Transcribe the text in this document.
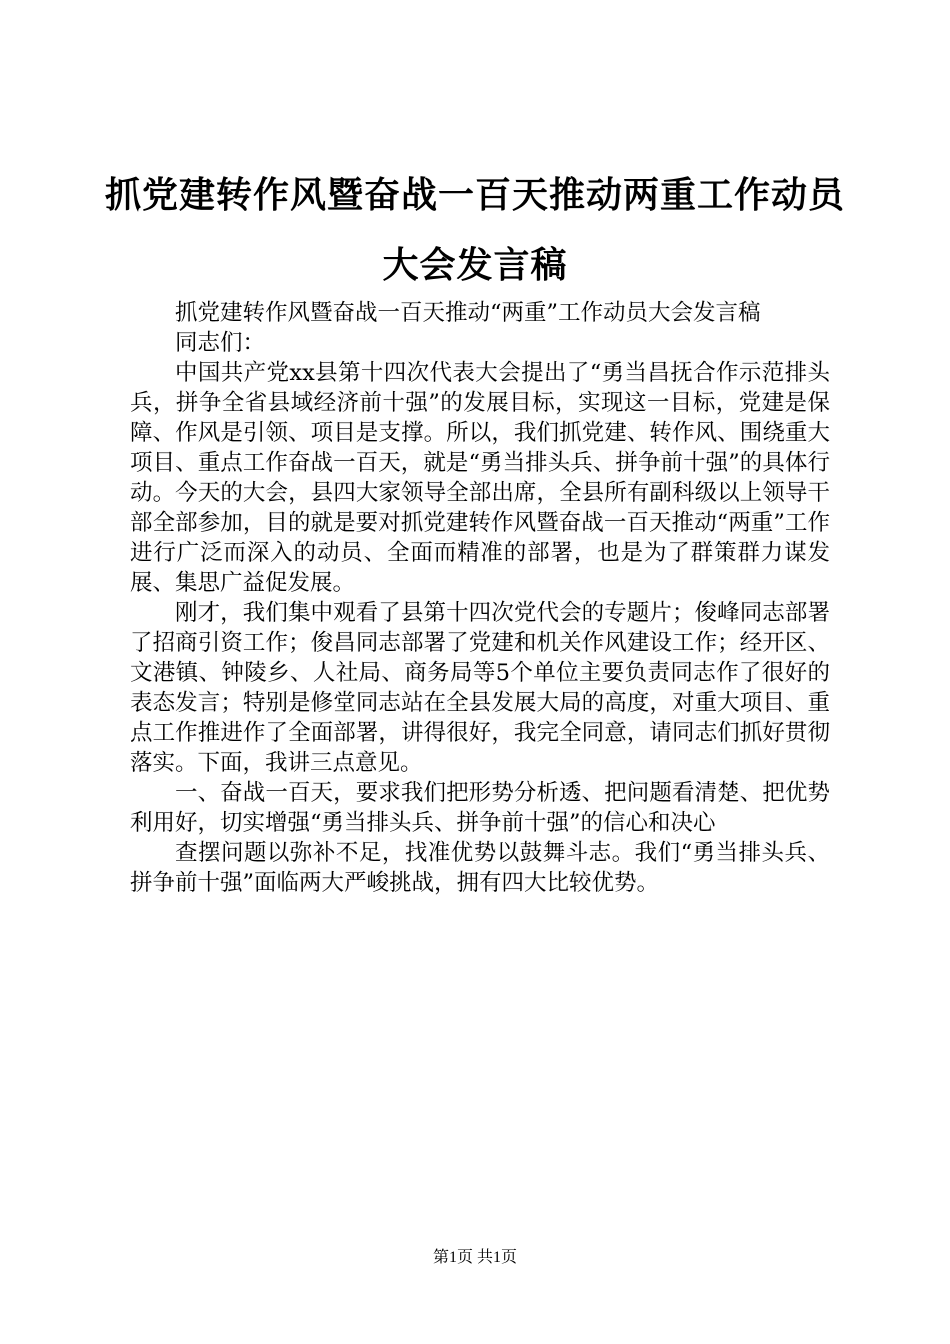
抓党建转作风暨奋战一百天推动两重工作动员大会发言稿

抓党建转作风暨奋战一百天推动“两重”工作动员大会发言稿

同志们：

中国共产党xx县第十四次代表大会提出了“勇当昌抚合作示范排头兵，拼争全省县域经济前十强”的发展目标，实现这一目标，党建是保障、作风是引领、项目是支撑。所以，我们抓党建、转作风、围绕重大项目、重点工作奋战一百天，就是“勇当排头兵、拼争前十强”的具体行动。今天的大会，县四大家领导全部出席，全县所有副科级以上领导干部全部参加，目的就是要对抓党建转作风暨奋战一百天推动“两重”工作进行广泛而深入的动员、全面而精准的部署，也是为了群策群力谋发展、集思广益促发展。

刚才，我们集中观看了县第十四次党代会的专题片；俊峰同志部署了招商引资工作；俊昌同志部署了党建和机关作风建设工作；经开区、文港镇、钟陵乡、人社局、商务局等5个单位主要负责同志作了很好的表态发言；特别是修堂同志站在全县发展大局的高度，对重大项目、重点工作推进作了全面部署，讲得很好，我完全同意，请同志们抓好贯彻落实。下面，我讲三点意见。

一、奋战一百天，要求我们把形势分析透、把问题看清楚、把优势利用好，切实增强“勇当排头兵、拼争前十强”的信心和决心

查摆问题以弥补不足，找准优势以鼓舞斗志。我们“勇当排头兵、拼争前十强”面临两大严峻挑战，拥有四大比较优势。

第1页 共1页
